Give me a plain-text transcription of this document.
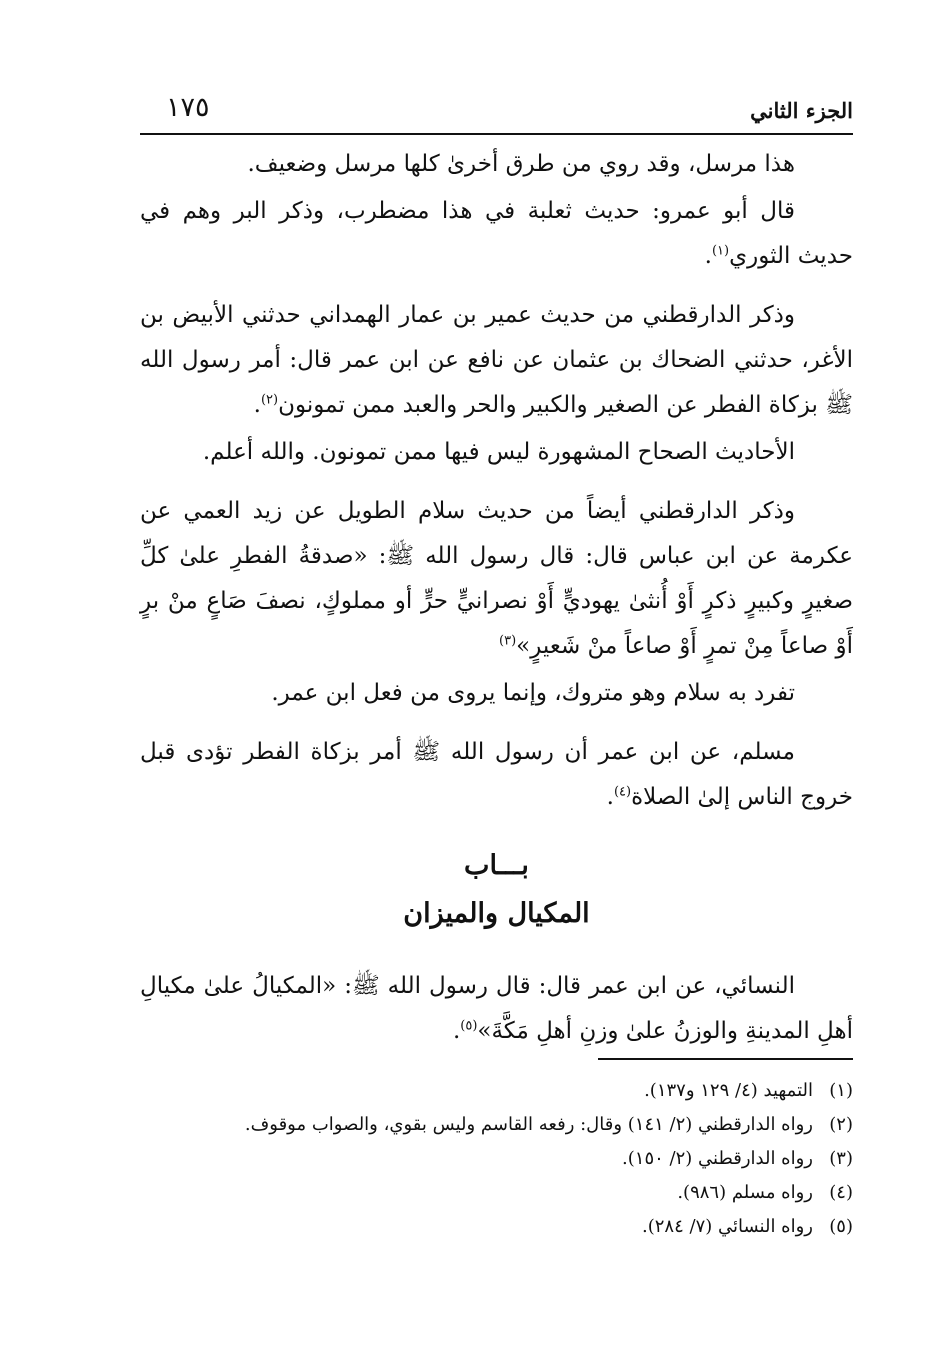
الجزء الثاني
١٧٥

هذا مرسل، وقد روي من طرق أخرىٰ كلها مرسل وضعيف.

قال أبو عمرو: حديث ثعلبة في هذا مضطرب، وذكر البر وهم في حديث الثوري$^{(١)}$.

وذكر الدارقطني من حديث عمير بن عمار الهمداني حدثني الأبيض بن الأغر، حدثني الضحاك بن عثمان عن نافع عن ابن عمر قال: أمر رسول الله ﷺ بزكاة الفطر عن الصغير والكبير والحر والعبد ممن تمونون$^{(٢)}$.

الأحاديث الصحاح المشهورة ليس فيها ممن تمونون. والله أعلم.

وذكر الدارقطني أيضاً من حديث سلام الطويل عن زيد العمي عن عكرمة عن ابن عباس قال: قال رسول الله ﷺ: «صدقةُ الفطرِ علىٰ كلِّ صغيرٍ وكبيرٍ ذكرٍ أَوْ أُنثىٰ يهوديٍّ أَوْ نصرانيٍّ حرٍّ أو مملوكٍ، نصفَ صَاعٍ منْ برٍ أَوْ صاعاً مِنْ تمرٍ أَوْ صاعاً منْ شَعيرٍ»$^{(٣)}$

تفرد به سلام وهو متروك، وإنما يروى من فعل ابن عمر.

مسلم، عن ابن عمر أن رسول الله ﷺ أمر بزكاة الفطر تؤدى قبل خروج الناس إلىٰ الصلاة$^{(٤)}$.

بـــاب
المكيال والميزان

النسائي، عن ابن عمر قال: قال رسول الله ﷺ: «المكيالُ علىٰ مكيالِ أهلِ المدينةِ والوزنُ علىٰ وزنِ أهلِ مَكَّةَ»$^{(٥)}$.

(١)التمهيد (٤/ ١٢٩ و١٣٧).
(٢)رواه الدارقطني (٢/ ١٤١) وقال: رفعه القاسم وليس بقوي، والصواب موقوف.
(٣)رواه الدارقطني (٢/ ١٥٠).
(٤)رواه مسلم (٩٨٦).
(٥)رواه النسائي (٧/ ٢٨٤).
